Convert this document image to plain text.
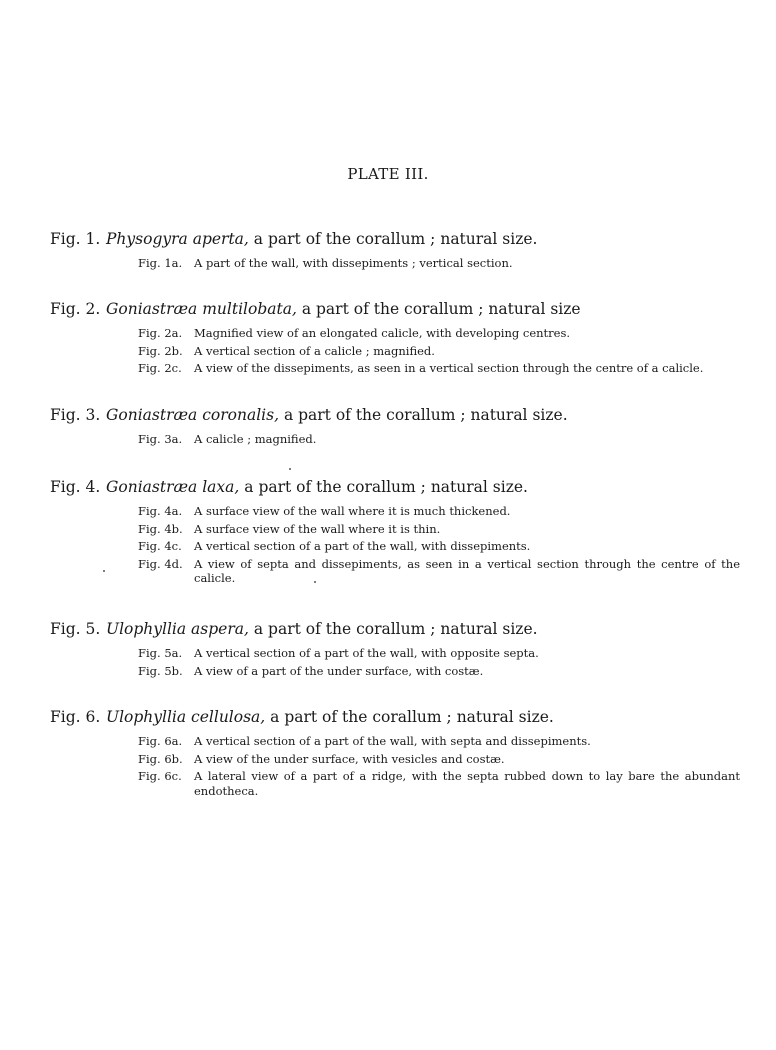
PLATE III.
Fig. 1. Physogyra aperta, a part of the corallum ; natural size.
Fig. 1a.	A part of the wall, with dissepiments ; vertical section.
Fig. 2. Goniastræa multilobata, a part of the corallum ; natural size
Fig. 2a.	Magnified view of an elongated calicle, with developing centres.
Fig. 2b. A vertical section of a calicle ; magnified.
Fig. 2c.	A view of the dissepiments, as seen in a vertical section through the centre of a calicle.
Fig. 3. Goniastræa coronalis, a part of the corallum ; natural size.
Fig. 3a.	A calicle ; magnified.
Fig. 4. Goniastræa laxa, a part of the corallum ; natural size.
Fig. 4a.	A surface view of the wall where it is much thickened.
Fig. 4b. A surface view of the wall where it is thin.
Fig. 4c.	A vertical section of a part of the wall, with dissepiments.
Fig. 4d. A view of septa and dissepiments, as seen in a vertical section through the centre of the calicle.
Fig. 5. Ulophyllia aspera, a part of the corallum ; natural size.
Fig. 5a.	A vertical section of a part of the wall, with opposite septa.
Fig. 5b. A view of a part of the under surface, with costæ.
Fig. 6. Ulophyllia cellulosa, a part of the corallum ; natural size.
Fig. 6a.	A vertical section of a part of the wall, with septa and dissepiments.
Fig. 6b. A view of the under surface, with vesicles and costæ.
Fig. 6c.	A lateral view of a part of a ridge, with the septa rubbed down to lay bare the abundant endotheca.
